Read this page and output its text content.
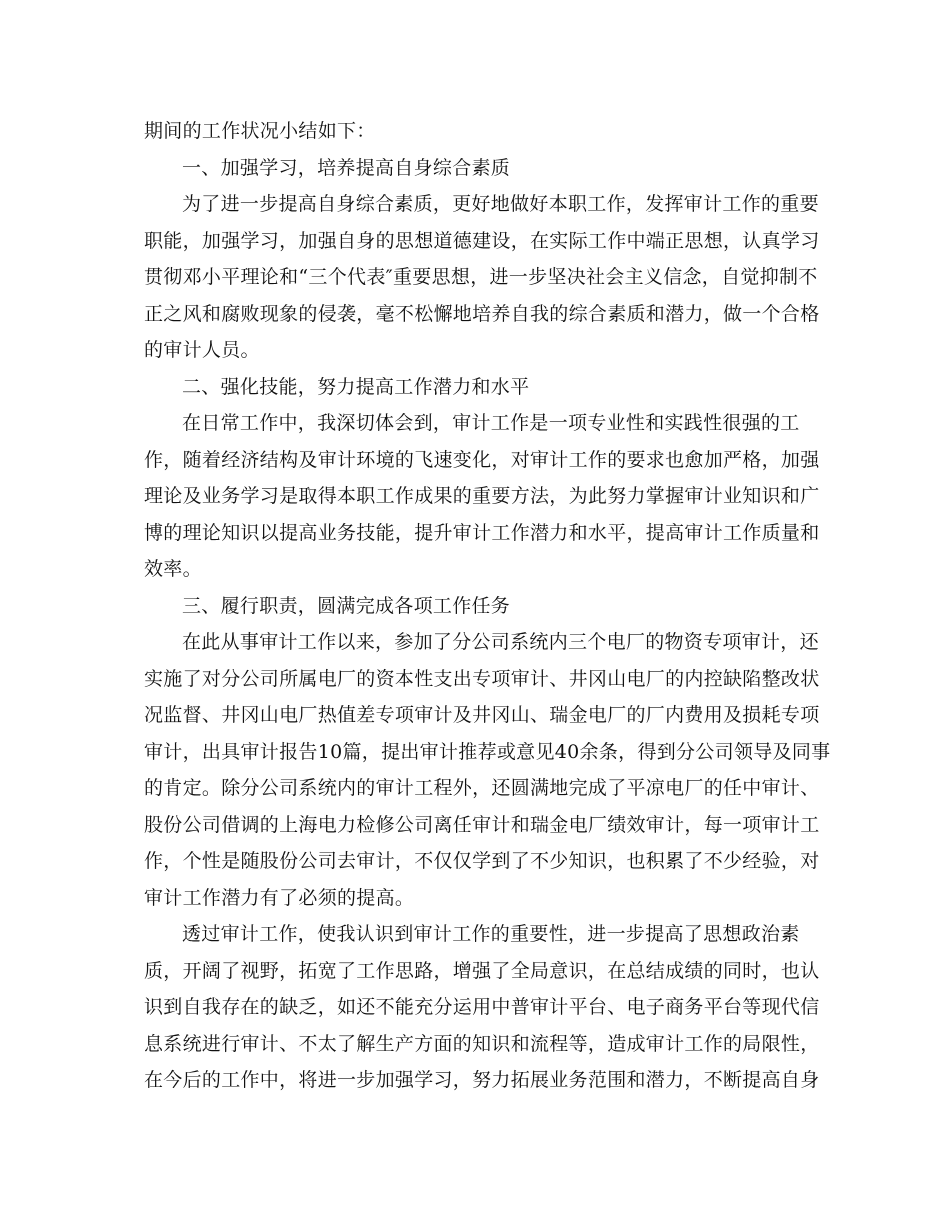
期间的工作状况小结如下：
一、加强学习，培养提高自身综合素质
为了进一步提高自身综合素质，更好地做好本职工作，发挥审计工作的重要
职能，加强学习，加强自身的思想道德建设，在实际工作中端正思想，认真学习
贯彻邓小平理论和“三个代表″重要思想，进一步坚决社会主义信念，自觉抑制不
正之风和腐败现象的侵袭，毫不松懈地培养自我的综合素质和潜力，做一个合格
的审计人员。
二、强化技能，努力提高工作潜力和水平
在日常工作中，我深切体会到，审计工作是一项专业性和实践性很强的工
作，随着经济结构及审计环境的飞速变化，对审计工作的要求也愈加严格，加强
理论及业务学习是取得本职工作成果的重要方法，为此努力掌握审计业知识和广
博的理论知识以提高业务技能，提升审计工作潜力和水平，提高审计工作质量和
效率。
三、履行职责，圆满完成各项工作任务
在此从事审计工作以来，参加了分公司系统内三个电厂的物资专项审计，还
实施了对分公司所属电厂的资本性支出专项审计、井冈山电厂的内控缺陷整改状
况监督、井冈山电厂热值差专项审计及井冈山、瑞金电厂的厂内费用及损耗专项
审计，出具审计报告10篇，提出审计推荐或意见40余条，得到分公司领导及同事
的肯定。除分公司系统内的审计工程外，还圆满地完成了平凉电厂的任中审计、
股份公司借调的上海电力检修公司离任审计和瑞金电厂绩效审计，每一项审计工
作，个性是随股份公司去审计，不仅仅学到了不少知识，也积累了不少经验，对
审计工作潜力有了必须的提高。
透过审计工作，使我认识到审计工作的重要性，进一步提高了思想政治素
质，开阔了视野，拓宽了工作思路，增强了全局意识，在总结成绩的同时，也认
识到自我存在的缺乏，如还不能充分运用中普审计平台、电子商务平台等现代信
息系统进行审计、不太了解生产方面的知识和流程等，造成审计工作的局限性，
在今后的工作中，将进一步加强学习，努力拓展业务范围和潜力，不断提高自身
